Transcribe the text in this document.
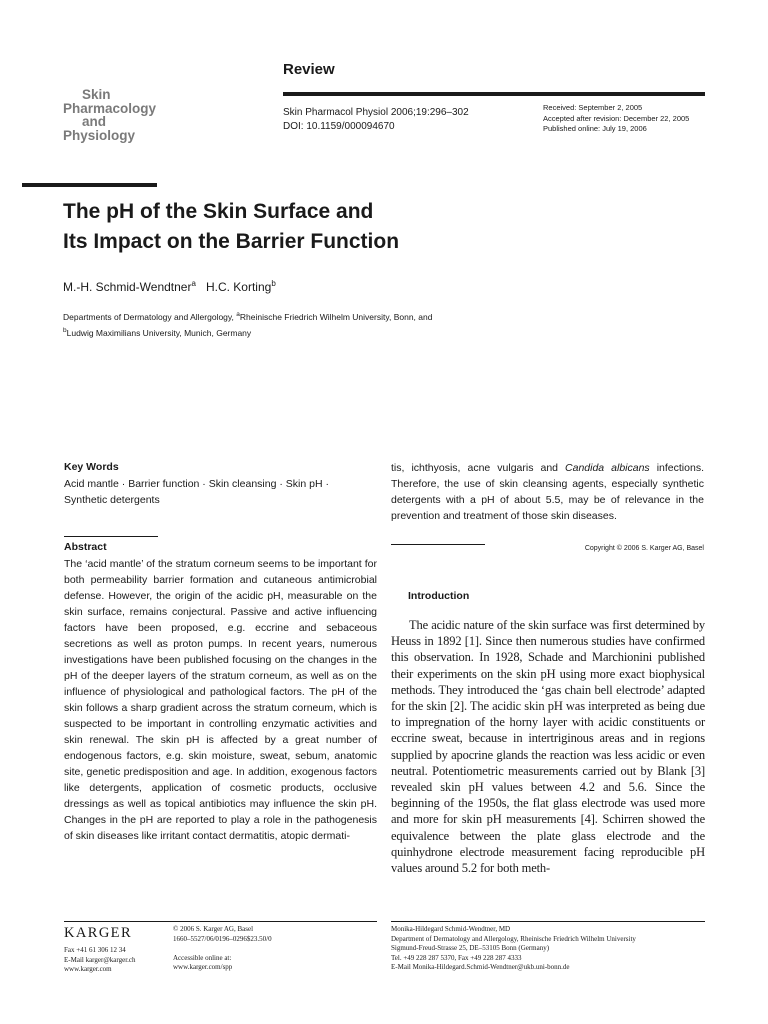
Review
Skin
Pharmacology
and
Physiology
Skin Pharmacol Physiol 2006;19:296–302
DOI: 10.1159/000094670
Received: September 2, 2005
Accepted after revision: December 22, 2005
Published online: July 19, 2006
The pH of the Skin Surface and
Its Impact on the Barrier Function
M.-H. Schmid-Wendtner$^a$ H.C. Korting$^b$
Departments of Dermatology and Allergology, $^a$Rheinische Friedrich Wilhelm University, Bonn, and
$^b$Ludwig Maximilians University, Munich, Germany
Key Words
Acid mantle · Barrier function · Skin cleansing · Skin pH · Synthetic detergents
Abstract
The ‘acid mantle’ of the stratum corneum seems to be important for both permeability barrier formation and cutaneous antimicrobial defense. However, the origin of the acidic pH, measurable on the skin surface, remains conjectural. Passive and active influencing factors have been proposed, e.g. eccrine and sebaceous secretions as well as proton pumps. In recent years, numerous investigations have been published focusing on the changes in the pH of the deeper layers of the stratum corneum, as well as on the influence of physiological and pathological factors. The pH of the skin follows a sharp gradient across the stratum corneum, which is suspected to be important in controlling enzymatic activities and skin renewal. The skin pH is affected by a great number of endogenous factors, e.g. skin moisture, sweat, sebum, anatomic site, genetic predisposition and age. In addition, exogenous factors like detergents, application of cosmetic products, occlusive dressings as well as topical antibiotics may influence the skin pH. Changes in the pH are reported to play a role in the pathogenesis of skin diseases like irritant contact dermatitis, atopic dermati-
tis, ichthyosis, acne vulgaris and Candida albicans infections. Therefore, the use of skin cleansing agents, especially synthetic detergents with a pH of about 5.5, may be of relevance in the prevention and treatment of those skin diseases.
Copyright © 2006 S. Karger AG, Basel
Introduction
The acidic nature of the skin surface was first determined by Heuss in 1892 [1]. Since then numerous studies have confirmed this observation. In 1928, Schade and Marchionini published their experiments on the skin pH using more exact biophysical methods. They introduced the ‘gas chain bell electrode’ adapted for the skin [2]. The acidic skin pH was interpreted as being due to impregnation of the horny layer with acidic constituents or eccrine sweat, because in intertriginous areas and in regions supplied by apocrine glands the reaction was less acidic or even neutral. Potentiometric measurements carried out by Blank [3] revealed skin pH values between 4.2 and 5.6. Since the beginning of the 1950s, the flat glass electrode was used more and more for skin pH measurements [4]. Schirren showed the equivalence between the plate glass electrode and the quinhydrone electrode measurement facing reproducible pH values around 5.2 for both meth-
KARGER
Fax +41 61 306 12 34
E-Mail karger@karger.ch
www.karger.com
© 2006 S. Karger AG, Basel
1660–5527/06/0196–0296$23.50/0

Accessible online at:
www.karger.com/spp
Monika-Hildegard Schmid-Wendtner, MD
Department of Dermatology and Allergology, Rheinische Friedrich Wilhelm University
Sigmund-Freud-Strasse 25, DE–53105 Bonn (Germany)
Tel. +49 228 287 5370, Fax +49 228 287 4333
E-Mail Monika-Hildegard.Schmid-Wendtner@ukb.uni-bonn.de
